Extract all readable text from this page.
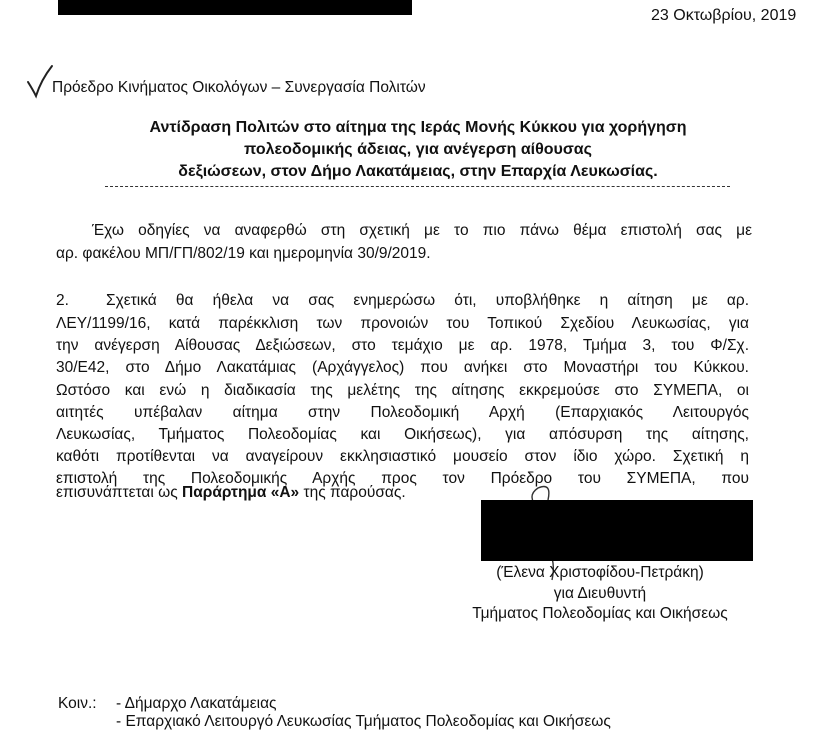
23 Οκτωβρίου, 2019
Πρόεδρο Κινήματος Οικολόγων – Συνεργασία Πολιτών
Αντίδραση Πολιτών στο αίτημα της Ιεράς Μονής Κύκκου για χορήγηση
πολεοδομικής άδειας, για ανέγερση αίθουσας
δεξιώσεων, στον Δήμο Λακατάμειας, στην Επαρχία Λευκωσίας.
Έχω οδηγίες να αναφερθώ στη σχετική με το πιο πάνω θέμα επιστολή σας με
αρ. φακέλου ΜΠ/ΓΠ/802/19 και ημερομηνία 30/9/2019.
2. Σχετικά θα ήθελα να σας ενημερώσω ότι, υποβλήθηκε η αίτηση με αρ.
ΛΕΥ/1199/16, κατά παρέκκλιση των προνοιών του Τοπικού Σχεδίου Λευκωσίας, για
την ανέγερση Αίθουσας Δεξιώσεων, στο τεμάχιο με αρ. 1978, Τμήμα 3, του Φ/Σχ.
30/Ε42, στο Δήμο Λακατάμιας (Αρχάγγελος) που ανήκει στο Μοναστήρι του Κύκκου.
Ωστόσο και ενώ η διαδικασία της μελέτης της αίτησης εκκρεμούσε στο ΣΥΜΕΠΑ, οι
αιτητές υπέβαλαν αίτημα στην Πολεοδομική Αρχή (Επαρχιακός Λειτουργός
Λευκωσίας, Τμήματος Πολεοδομίας και Οικήσεως), για απόσυρση της αίτησης,
καθότι προτίθενται να αναγείρουν εκκλησιαστικό μουσείο στον ίδιο χώρο. Σχετική η
επιστολή της Πολεοδομικής Αρχής προς τον Πρόεδρο του ΣΥΜΕΠΑ, που
επισυνάπτεται ως Παράρτημα «Α» της παρούσας.
(Έλενα Χριστοφίδου-Πετράκη)
για Διευθυντή
Τμήματος Πολεοδομίας και Οικήσεως
Κοιν.: - Δήμαρχο Λακατάμειας
- Επαρχιακό Λειτουργό Λευκωσίας Τμήματος Πολεοδομίας και Οικήσεως
